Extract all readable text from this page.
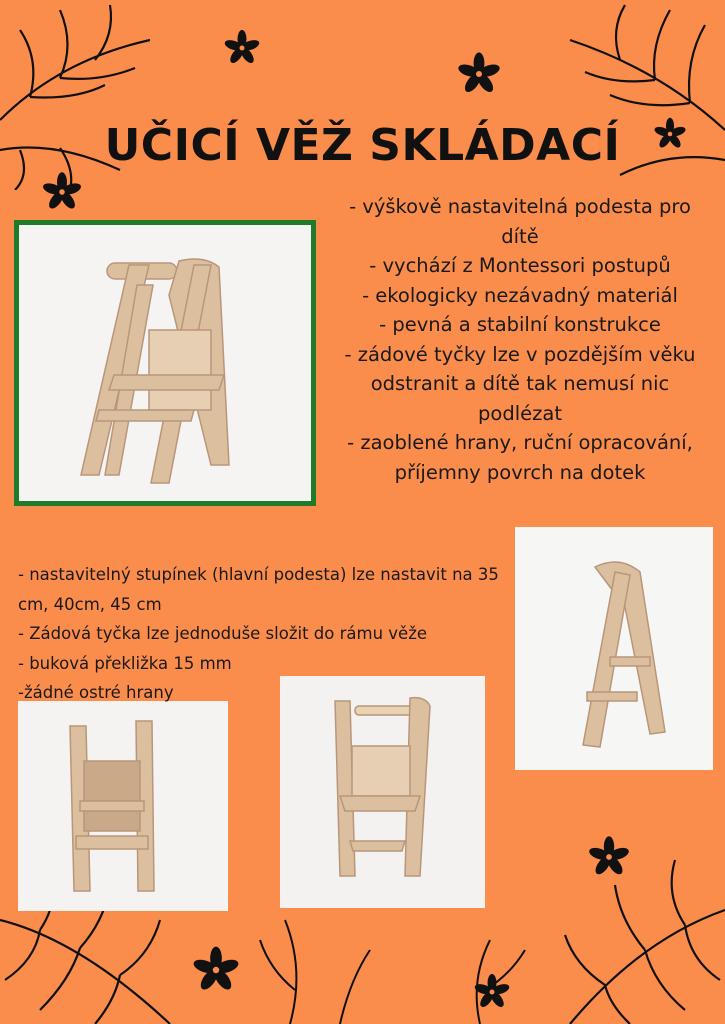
UČICÍ VĚŽ SKLÁDACÍ
- výškově nastavitelná podesta pro dítě
- vychází z Montessori postupů
- ekologicky nezávadný materiál
- pevná a stabilní konstrukce
- zádové tyčky lze v pozdějším věku odstranit a dítě tak nemusí nic podlézat
- zaoblené hrany, ruční opracování, příjemny povrch na dotek
- nastavitelný stupínek (hlavní podesta) lze nastavit na 35 cm, 40cm, 45 cm
- Zádová tyčka lze jednoduše složit do rámu věže
- buková překližka 15 mm
-žádné ostré hrany
